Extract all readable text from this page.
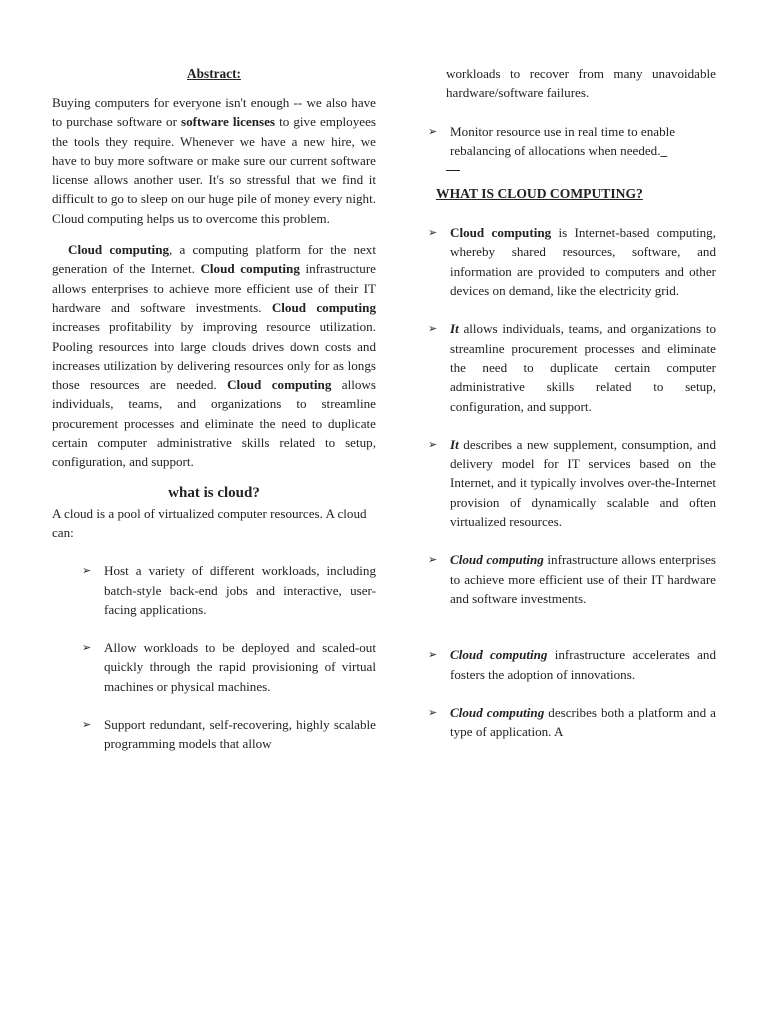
Abstract:

Buying computers for everyone isn't enough -- we also have to purchase software or software licenses to give employees the tools they require. Whenever we have a new hire, we have to buy more software or make sure our current software license allows another user. It's so stressful that we find it difficult to go to sleep on our huge pile of money every night. Cloud computing helps us to overcome this problem.

Cloud computing, a computing platform for the next generation of the Internet. Cloud computing infrastructure allows enterprises to achieve more efficient use of their IT hardware and software investments. Cloud computing increases profitability by improving resource utilization. Pooling resources into large clouds drives down costs and increases utilization by delivering resources only for as longs those resources are needed. Cloud computing allows individuals, teams, and organizations to streamline procurement processes and eliminate the need to duplicate certain computer administrative skills related to setup, configuration, and support.

what is cloud?

A cloud is a pool of virtualized computer resources. A cloud can:

➢ Host a variety of different workloads, including batch-style back-end jobs and interactive, user-facing applications.
➢ Allow workloads to be deployed and scaled-out quickly through the rapid provisioning of virtual machines or physical machines.
➢ Support redundant, self-recovering, highly scalable programming models that allow

workloads to recover from many unavoidable hardware/software failures.

➢ Monitor resource use in real time to enable rebalancing of allocations when needed._
WHAT IS CLOUD COMPUTING?
➢ Cloud computing is Internet-based computing, whereby shared resources, software, and information are provided to computers and other devices on demand, like the electricity grid.
➢ It allows individuals, teams, and organizations to streamline procurement processes and eliminate the need to duplicate certain computer administrative skills related to setup, configuration, and support.
➢ It describes a new supplement, consumption, and delivery model for IT services based on the Internet, and it typically involves over-the-Internet provision of dynamically scalable and often virtualized resources.
➢ Cloud computing infrastructure allows enterprises to achieve more efficient use of their IT hardware and software investments.
➢ Cloud computing infrastructure accelerates and fosters the adoption of innovations.
➢ Cloud computing describes both a platform and a type of application. A
